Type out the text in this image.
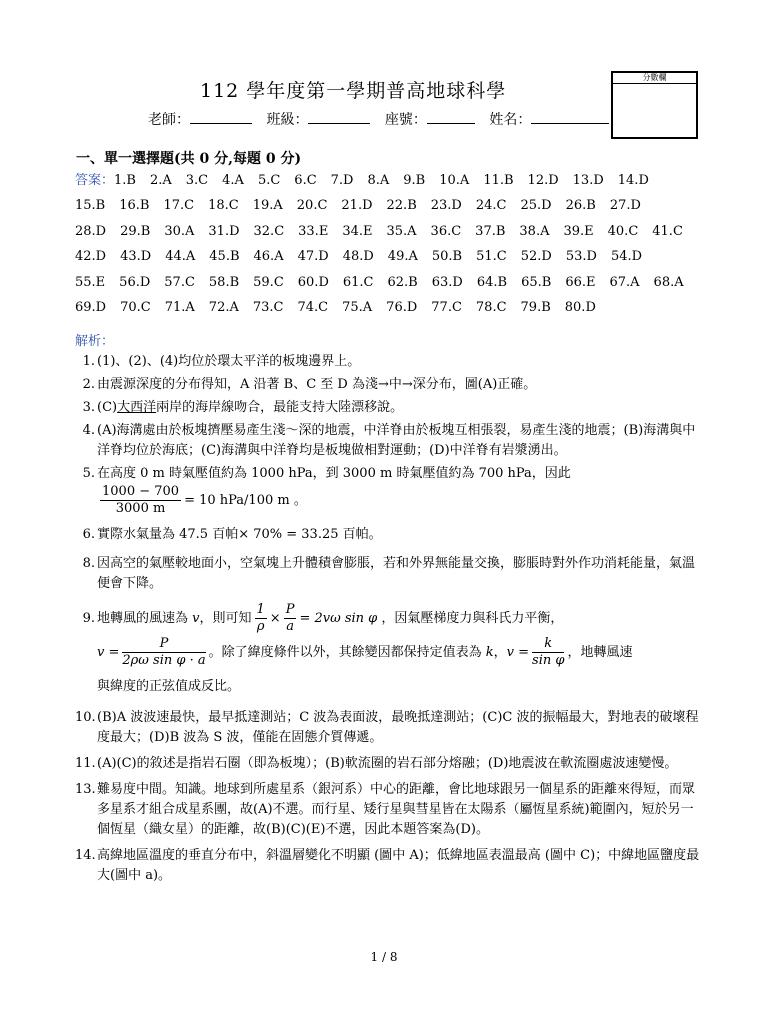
112 學年度第一學期普高地球科學
老師：	班級：	座號：	姓名：
分數欄
一、單一選擇題(共 0 分,每題 0 分)
答案：1.B 2.A 3.C 4.A 5.C 6.C 7.D 8.A 9.B 10.A 11.B 12.D 13.D 14.D
15.B 16.B 17.C 18.C 19.A 20.C 21.D 22.B 23.D 24.C 25.D 26.B 27.D
28.D 29.B 30.A 31.D 32.C 33.E 34.E 35.A 36.C 37.B 38.A 39.E 40.C 41.C
42.D 43.D 44.A 45.B 46.A 47.D 48.D 49.A 50.B 51.C 52.D 53.D 54.D
55.E 56.D 57.C 58.B 59.C 60.D 61.C 62.B 63.D 64.B 65.B 66.E 67.A 68.A
69.D 70.C 71.A 72.A 73.C 74.C 75.A 76.D 77.C 78.C 79.B 80.D
解析：
1. (1)、(2)、(4)均位於環太平洋的板塊邊界上。
2. 由震源深度的分布得知，A 沿著 B、C 至 D 為淺→中→深分布，圖(A)正確。
3. (C)大西洋兩岸的海岸線吻合，最能支持大陸漂移說。
4. (A)海溝處由於板塊擠壓易產生淺～深的地震，中洋脊由於板塊互相張裂，易產生淺的地震；(B)海溝與中洋脊均位於海底；(C)海溝與中洋脊均是板塊做相對運動；(D)中洋脊有岩漿湧出。
5. 在高度 0 m 時氣壓值約為 1000 hPa，到 3000 m 時氣壓值約為 700 hPa，因此

$\frac{1000 - 700}{3000 m} = 10$ hPa/100 m 。
6. 實際水氣量為 47.5 百帕× 70% = 33.25 百帕。
8. 因高空的氣壓較地面小，空氣塊上升體積會膨脹，若和外界無能量交換，膨脹時對外作功消耗能量，氣溫便會下降。
9. 地轉風的風速為 v，則可知 $\frac{1}{\rho} \times \frac{P}{a} = 2v\omega$ sin φ ，因氣壓梯度力與科氏力平衡，
$v = \frac{P}{\text{2ρω sin φ · a}}$ 。除了緯度條件以外，其餘變因都保持定值表為 k，$v = \frac{k}{\text{sin φ}}$ ，地轉風速
與緯度的正弦值成反比。
10. (B)A 波波速最快，最早抵達測站；C 波為表面波，最晚抵達測站；(C)C 波的振幅最大，對地表的破壞程度最大；(D)B 波為 S 波，僅能在固態介質傳遞。
11. (A)(C)的敘述是指岩石圈（即為板塊）；(B)軟流圈的岩石部分熔融；(D)地震波在軟流圈處波速變慢。
13. 難易度中間。知識。地球到所處星系（銀河系）中心的距離，會比地球跟另一個星系的距離來得短，而眾多星系才組合成星系團，故(A)不選。而行星、矮行星與彗星皆在太陽系（屬恆星系統)範圍內，短於另一個恆星（織女星）的距離，故(B)(C)(E)不選，因此本題答案為(D)。
14. 高緯地區溫度的垂直分布中，斜溫層變化不明顯 (圖中 A)；低緯地區表溫最高 (圖中 C)；中緯地區鹽度最大(圖中 a)。
1 / 8
